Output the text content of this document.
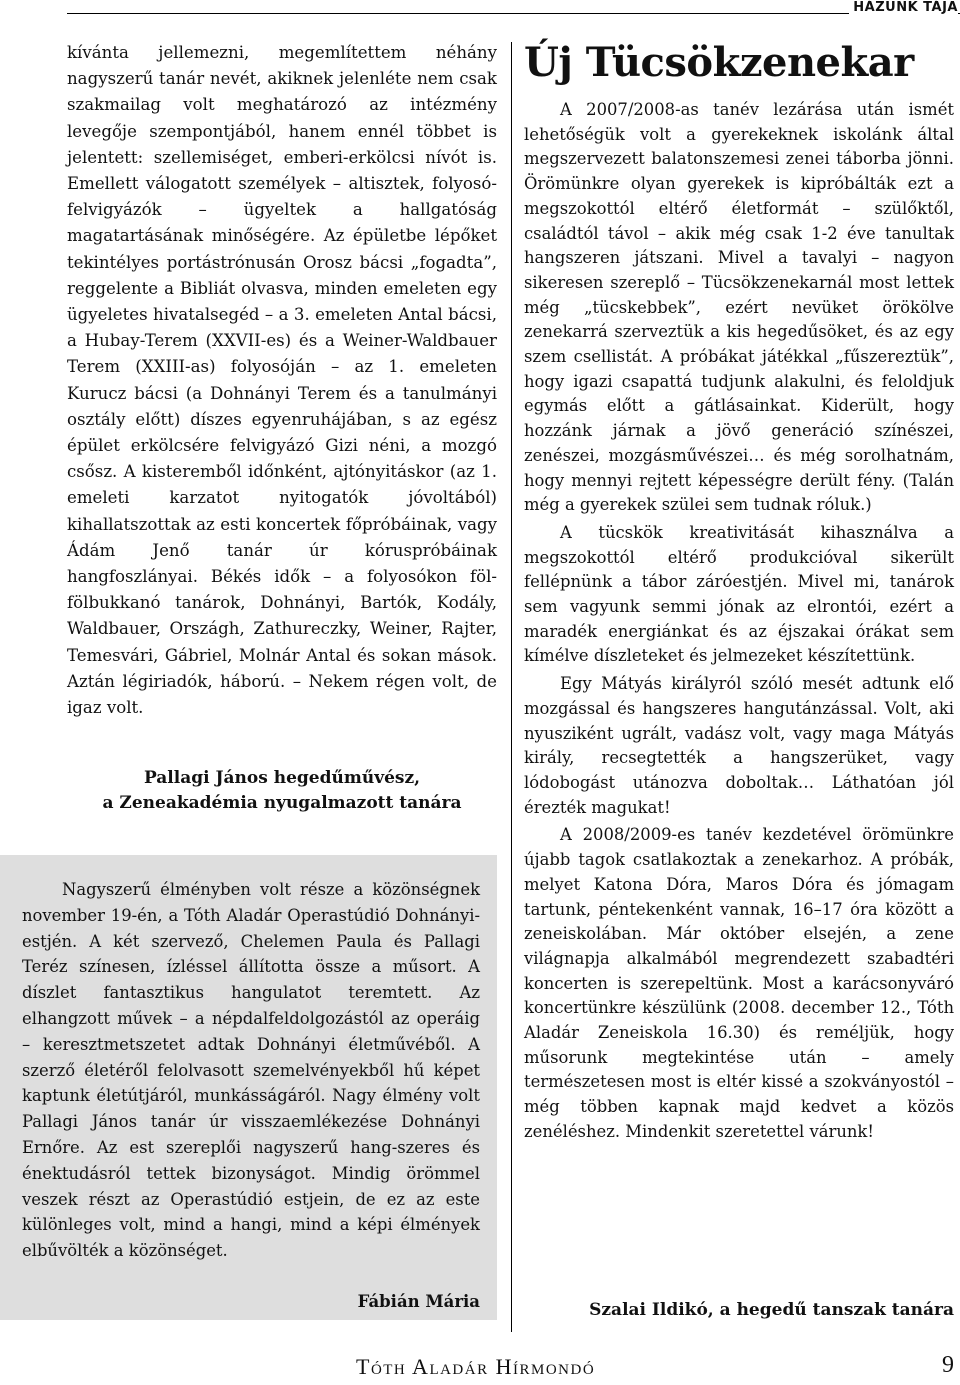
HÁZUNK TÁJA

kívánta jellemezni, megemlítettem néhány nagyszerű tanár nevét, akiknek jelenléte nem csak szakmailag volt meghatározó az intézmény levegője szempontjából, hanem ennél többet is jelentett: szellemiséget, emberi-erkölcsi nívót is. Emellett válogatott személyek – altisztek, folyosó-felvigyázók – ügyeltek a hallgatóság magatartásának minőségére. Az épületbe lépőket tekintélyes portástrónusán Orosz bácsi „fogadta”, reggelente a Bibliát olvasva, minden emeleten egy ügyeletes hivatalsegéd – a 3. emeleten Antal bácsi, a Hubay-Terem (XXVII-es) és a Weiner-Waldbauer Terem (XXIII-as) folyosóján – az 1. emeleten Kurucz bácsi (a Dohnányi Terem és a tanulmányi osztály előtt) díszes egyenruhájában, s az egész épület erkölcsére felvigyázó Gizi néni, a mozgó csősz. A kisteremből időnként, ajtónyitáskor (az 1. emeleti karzatot nyitogatók jóvoltából) kihallatszottak az esti koncertek főpróbáinak, vagy Ádám Jenő tanár úr kóruspróbáinak hangfoszlányai. Békés idők – a folyosókon föl-fölbukkanó tanárok, Dohnányi, Bartók, Kodály, Waldbauer, Országh, Zathureczky, Weiner, Rajter, Temesvári, Gábriel, Molnár Antal és sokan mások. Aztán légiriadók, háború. – Nekem régen volt, de igaz volt.

Pallagi János hegedűművész,

a Zeneakadémia nyugalmazott tanára

Nagyszerű élményben volt része a közönségnek november 19-én, a Tóth Aladár Operastúdió Dohnányi-estjén. A két szervező, Chelemen Paula és Pallagi Teréz színesen, ízléssel állította össze a műsort. A díszlet fantasztikus hangulatot teremtett. Az elhangzott művek – a népdalfeldolgozástól az operáig – keresztmetszetet adtak Dohnányi életművéből. A szerző életéről felolvasott szemelvényekből hű képet kaptunk életútjáról, munkásságáról. Nagy élmény volt Pallagi János tanár úr visszaemlékezése Dohnányi Ernőre. Az est szereplői nagyszerű hang-szeres és énektudásról tettek bizonyságot. Mindig örömmel veszek részt az Operastúdió estjein, de ez az este különleges volt, mind a hangi, mind a képi élmények elbűvölték a közönséget.

Fábián Mária
Új Tücsökzenekar

A 2007/2008-as tanév lezárása után ismét lehetőségük volt a gyerekeknek iskolánk által megszervezett balatonszemesi zenei táborba jönni. Örömünkre olyan gyerekek is kipróbálták ezt a megszokottól eltérő életformát – szülőktől, családtól távol – akik még csak 1-2 éve tanultak hangszeren játszani. Mivel a tavalyi – nagyon sikeresen szereplő – Tücsökzenekarnál most lettek még „tücskebbek”, ezért nevüket örökölve zenekarrá szerveztük a kis hegedűsöket, és az egy szem csellistát. A próbákat játékkal „fűszereztük”, hogy igazi csapattá tudjunk alakulni, és feloldjuk egymás előtt a gátlásainkat. Kiderült, hogy hozzánk járnak a jövő generáció színészei, zenészei, mozgásművészei… és még sorolhatnám, hogy mennyi rejtett képességre derült fény. (Talán még a gyerekek szülei sem tudnak róluk.)

A tücskök kreativitását kihasználva a megszokottól eltérő produkcióval sikerült fellépnünk a tábor záróestjén. Mivel mi, tanárok sem vagyunk semmi jónak az elrontói, ezért a maradék energiánkat és az éjszakai órákat sem kímélve díszleteket és jelmezeket készítettünk.

Egy Mátyás királyról szóló mesét adtunk elő mozgással és hangszeres hangutánzással. Volt, aki nyusziként ugrált, vadász volt, vagy maga Mátyás király, recsegtették a hangszerüket, vagy lódobogást utánozva doboltak… Láthatóan jól érezték magukat!

A 2008/2009-es tanév kezdetével örömünkre újabb tagok csatlakoztak a zenekarhoz. A próbák, melyet Katona Dóra, Maros Dóra és jómagam tartunk, péntekenként vannak, 16–17 óra között a zeneiskolában. Már október elsején, a zene világnapja alkalmából megrendezett szabadtéri koncerten is szerepeltünk. Most a karácsonyváró koncertünkre készülünk (2008. december 12., Tóth Aladár Zeneiskola 16.30) és reméljük, hogy műsorunk megtekintése után – amely természetesen most is eltér kissé a szokványostól – még többen kapnak majd kedvet a közös zenéléshez. Mindenkit szeretettel várunk!

Szalai Ildikó, a hegedű tanszak tanára
Tóth Aladár Hírmondó	9
